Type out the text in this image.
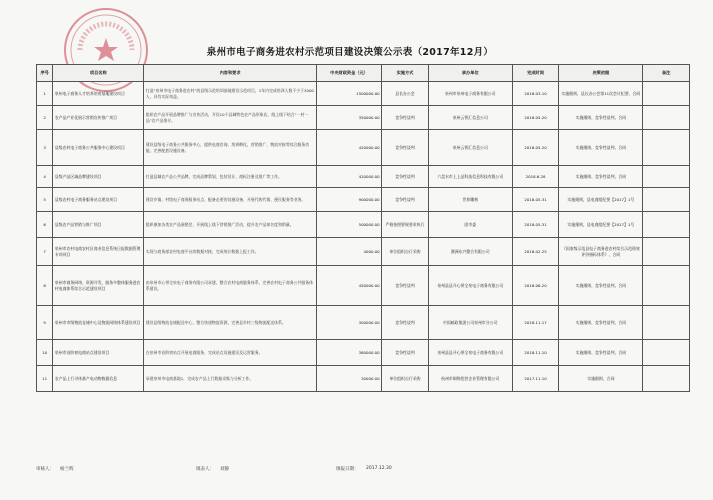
泉州市电子商务进农村示范项目建设决策公示表（2017年12月）
序号	项目名称	内容和要求	中央财政资金（元）	实施方式	承办单位	完成时间	决策依据	备注
1	泉州电子商务人才培养培育基地建设项目	打造“泉州市电子商务进农村”的县级示范培训基地建设示范项目，1年内完成培训人数不少于3000人，具有实际效益。	1500000.00	县长办公会	泉州市泉州电子商务有限公司	2018.03.10	实施细则、县长办公会第11次会议纪要、合同	
2	农产品产业化展示营销宣传推广项目	组织农产品开展品牌推广与宣传活动，开设10个县域特色农产品形象店，线上线下结合“一村一品”农产品推介。	350000.00	竞争性谈判	泉州云智汇信息公司	2018.05.20	实施细则、竞争性谈判、合同	
3	县级农村电子商务公共服务中心建设项目	建设县级电子商务公共服务中心，提供电商咨询、培训孵化、营销推广、物流对接等综合服务功能，完善配套设施设备。	420000.00	竞争性谈判	泉州云智汇信息公司	2018.05.20	实施细则、竞争性谈判、合同	
4	县级产品区域品牌建设项目	打造县域农产品公共品牌，完成品牌策划、包装设计、商标注册及推广等工作。	420000.00	竞争性谈判	六盘水市上上品科技信息科技有限公司	2018.6.28	实施细则、竞争性谈判、合同	
5	县级农村电子商务服务站点建设项目	建设乡镇、村级电子商务服务站点，配备必要的设施设备，开展代购代销、便民服务等业务。	900000.00	竞争性谈判	世界雕刻	2018.05.31	实施细则，县电商组纪要【2017】1号	
6	县级农产品营销与推广项目	组织参加各类农产品展销会，开展线上线下营销推广活动，提升农产品知名度和销量。	500000.00	严格按照要规要求执行	团市委	2018.05.31	实施细则，县电商组纪要【2017】1号	
7	泉州市农村电商农村区商业信息系统日报数据管理专项项目	实现与商务部农村电商平台的数据对接，完成统计数据上报工作。	4000.00	单位组织自行采购	澳洲东兴整合有限公司	2018.02.25	《国家级示范县电子商务进农村综合示范绩效评价指标体系》、合同	
8	泉州市商务网络、资源开发、服务多整体服务进农村电商体系综合示范建设项目	由泉州市心带全泉电子商务有限公司承建，整合农村电商服务体系，完善农村电子商务公共服务体系建设。	450000.00	竞争性谈判	泉州县县开心带全泉电子商务有限公司	2018.06.20	实施细则、竞争性谈判、合同	
9	泉州市市级物流仓储中心及物流网络体系建设项目	建设县级物流仓储配送中心，整合快递物流资源，完善县乡村三级物流配送体系。	300000.00	竞争性谈判	中国邮政集团公司泉州市分公司	2018.11.17	实施细则、竞争性谈判、合同	
10	泉州市首阶初电商站点建设项目	在泉州市首阶初站点开展电商服务，完成站点设施建设及运营服务。	380000.00	竞争性谈判	泉州县县开心带全泉电子商务有限公司	2018.11.10	实施细则、竞争性谈判、合同	
11	农产品上行寻体基产电动物数据信息	承建泉州市电商基地1，完成农产品上行数据采集与分析工作。	30000.00	单位组织自行采购	杭州市铜锦优营企业管理有限公司	2017.11.10	实施细则、合同	
审核人： 杨兰辉	填表人： 刘静	填报日期： 2017.12.30
